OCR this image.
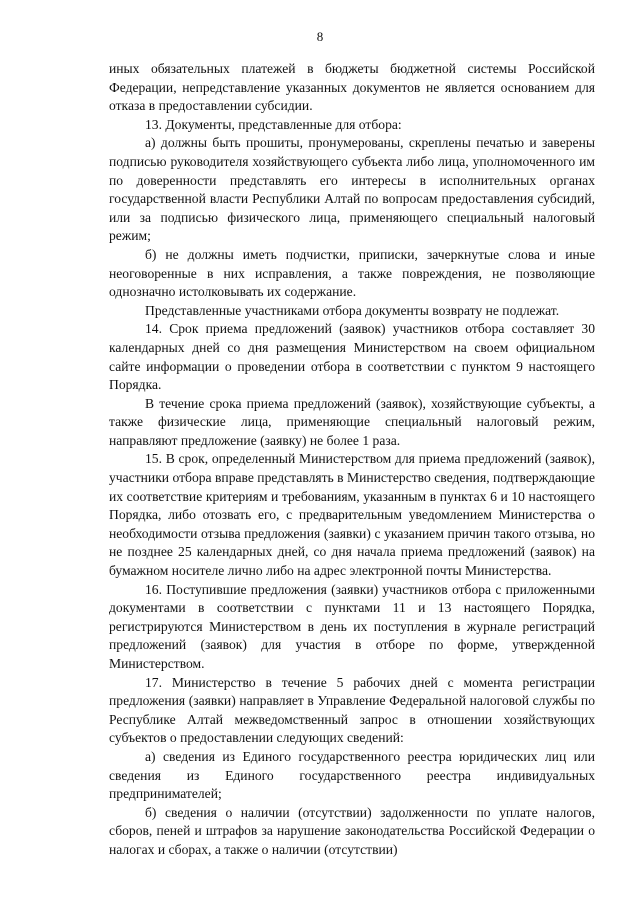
8

иных обязательных платежей в бюджеты бюджетной системы Российской Федерации, непредставление указанных документов не является основанием для отказа в предоставлении субсидии.

13. Документы, представленные для отбора:

а) должны быть прошиты, пронумерованы, скреплены печатью и заверены подписью руководителя хозяйствующего субъекта либо лица, уполномоченного им по доверенности представлять его интересы в исполнительных органах государственной власти Республики Алтай по вопросам предоставления субсидий, или за подписью физического лица, применяющего специальный налоговый режим;

б) не должны иметь подчистки, приписки, зачеркнутые слова и иные неоговоренные в них исправления, а также повреждения, не позволяющие однозначно истолковывать их содержание.

Представленные участниками отбора документы возврату не подлежат.

14. Срок приема предложений (заявок) участников отбора составляет 30 календарных дней со дня размещения Министерством на своем официальном сайте информации о проведении отбора в соответствии с пунктом 9 настоящего Порядка.

В течение срока приема предложений (заявок), хозяйствующие субъекты, а также физические лица, применяющие специальный налоговый режим, направляют предложение (заявку) не более 1 раза.

15. В срок, определенный Министерством для приема предложений (заявок), участники отбора вправе представлять в Министерство сведения, подтверждающие их соответствие критериям и требованиям, указанным в пунктах 6 и 10 настоящего Порядка, либо отозвать его, с предварительным уведомлением Министерства о необходимости отзыва предложения (заявки) с указанием причин такого отзыва, но не позднее 25 календарных дней, со дня начала приема предложений (заявок) на бумажном носителе лично либо на адрес электронной почты Министерства.

16. Поступившие предложения (заявки) участников отбора с приложенными документами в соответствии с пунктами 11 и 13 настоящего Порядка, регистрируются Министерством в день их поступления в журнале регистраций предложений (заявок) для участия в отборе по форме, утвержденной Министерством.

17. Министерство в течение 5 рабочих дней с момента регистрации предложения (заявки) направляет в Управление Федеральной налоговой службы по Республике Алтай межведомственный запрос в отношении хозяйствующих субъектов о предоставлении следующих сведений:

а) сведения из Единого государственного реестра юридических лиц или сведения из Единого государственного реестра индивидуальных предпринимателей;

б) сведения о наличии (отсутствии) задолженности по уплате налогов, сборов, пеней и штрафов за нарушение законодательства Российской Федерации о налогах и сборах, а также о наличии (отсутствии)
